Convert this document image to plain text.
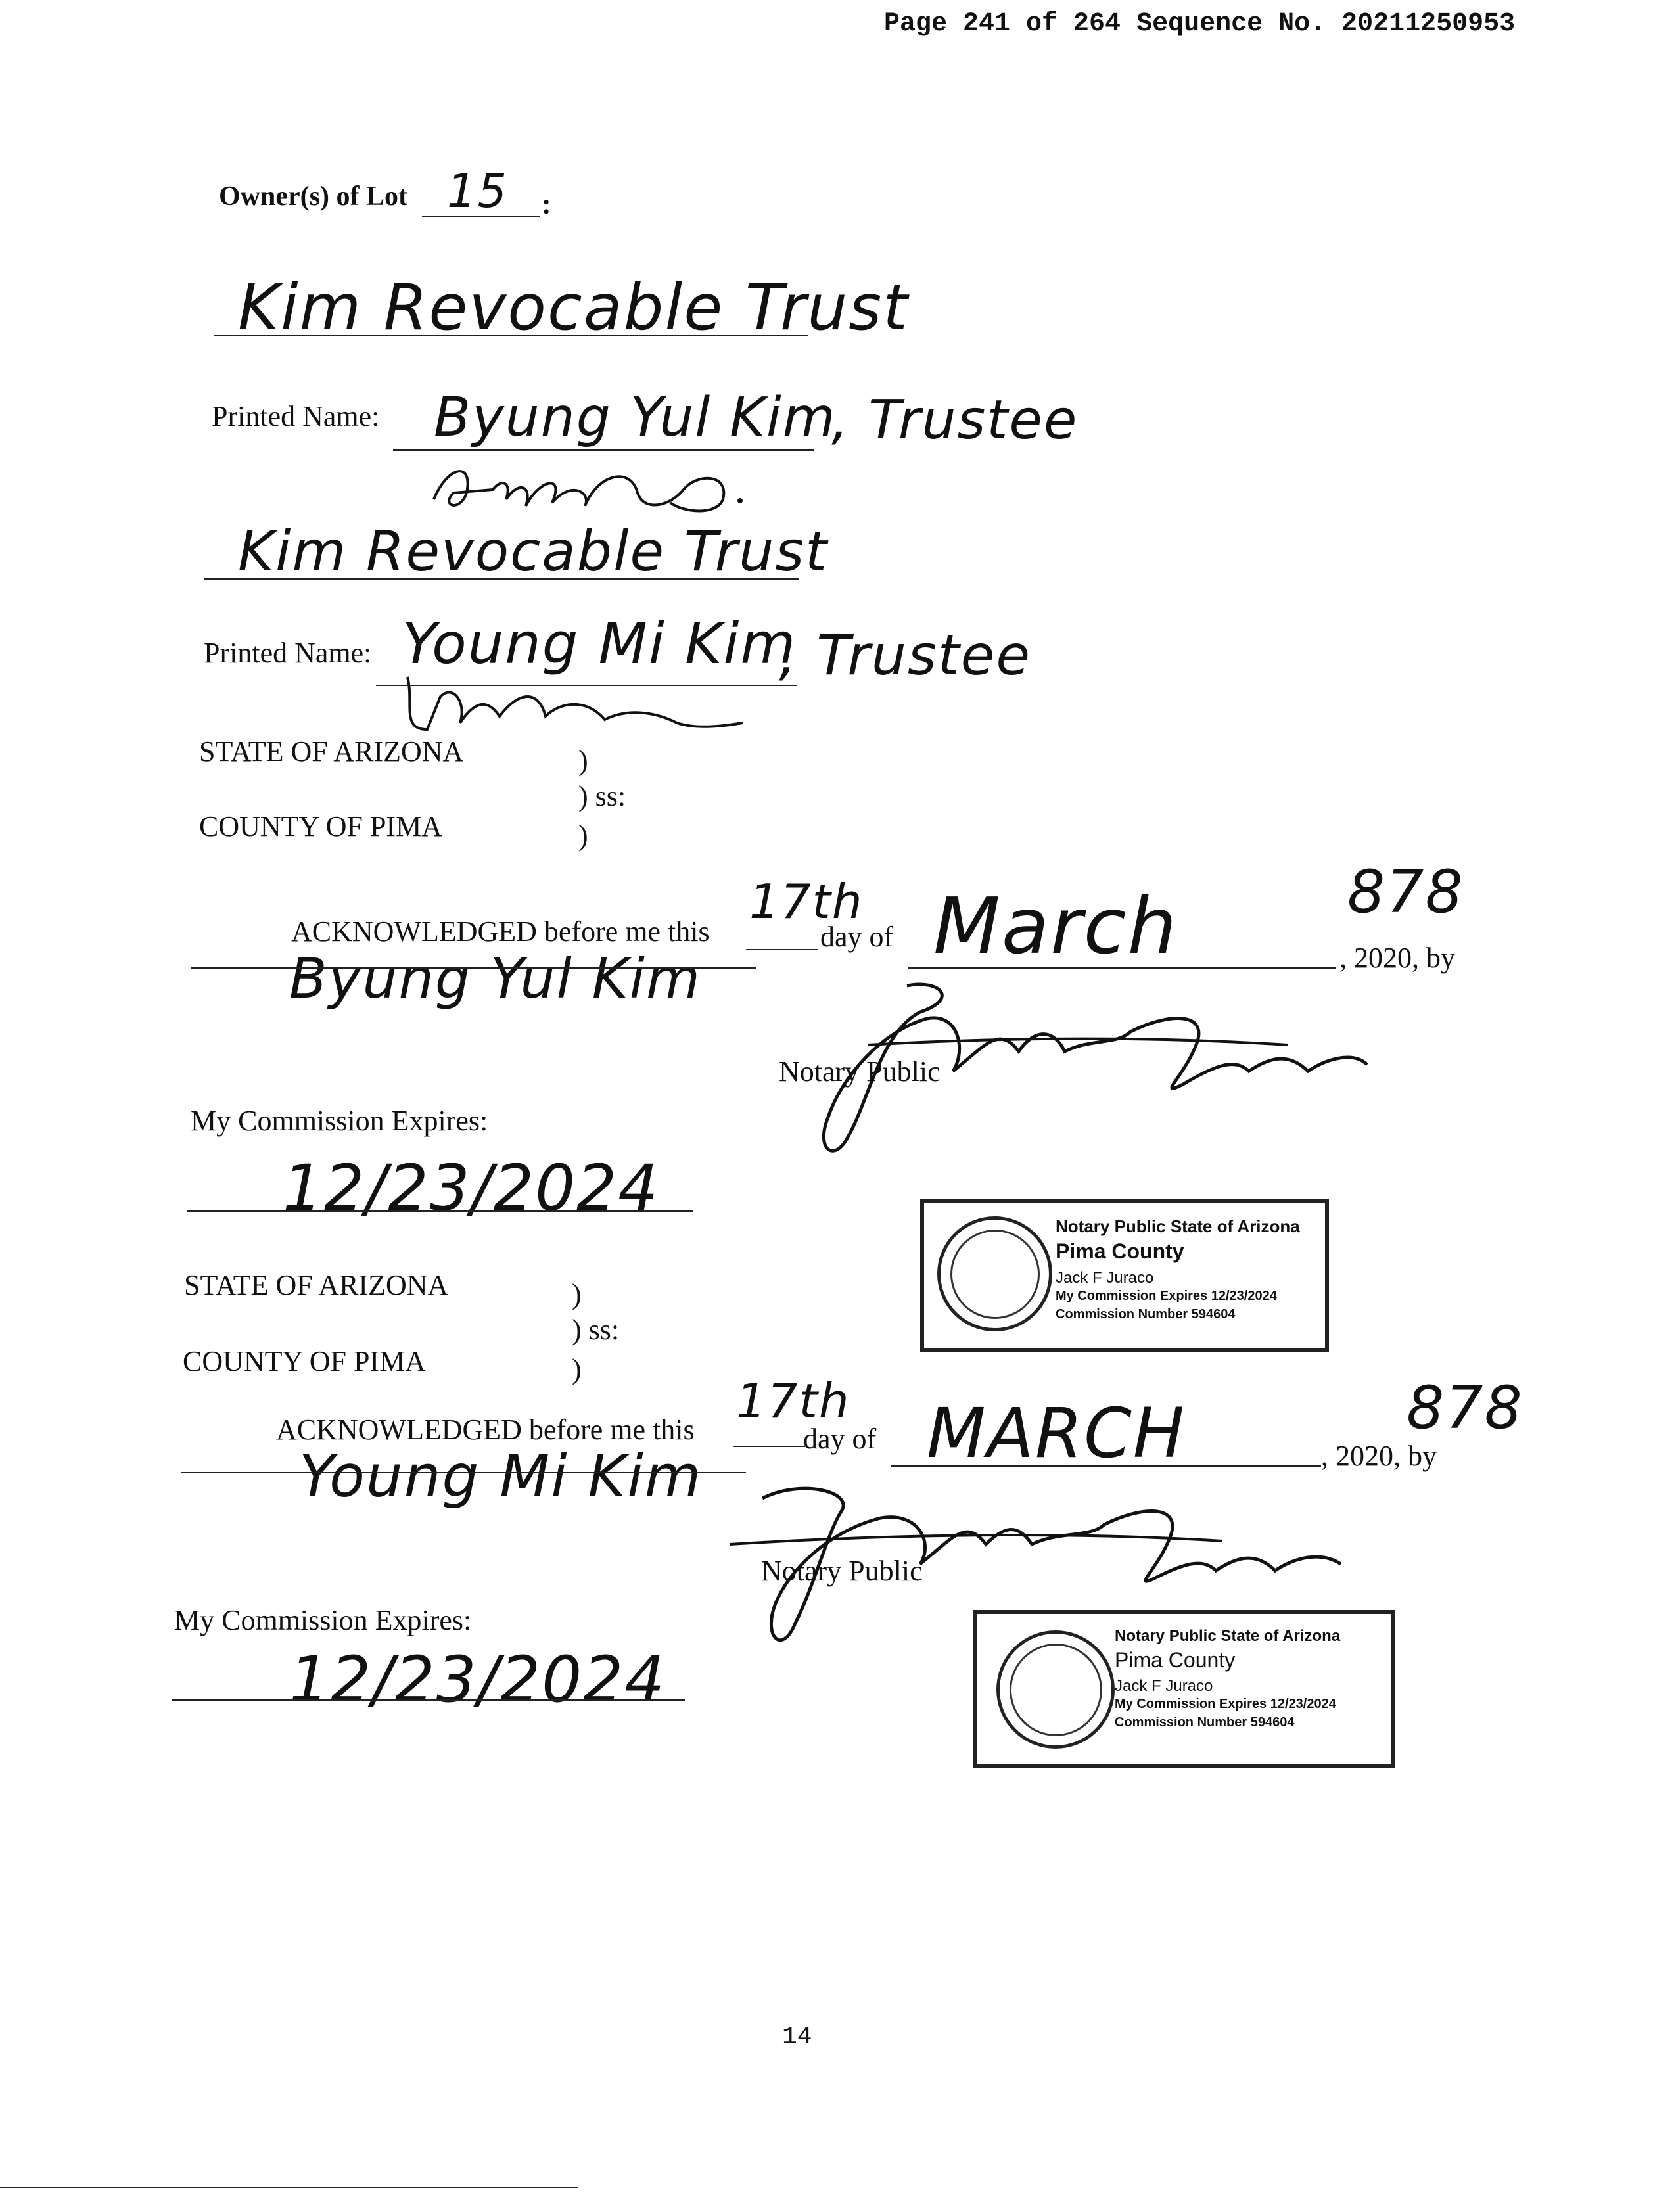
Page 241 of 264 Sequence No. 20211250953
Owner(s) of Lot 15 :
Kim Revocable Trust
Printed Name: Byung Yul Kim
, Trustee
Kim Revocable Trust
Printed Name: Young Mi Kim
, Trustee
STATE OF ARIZONA	)
) ss:
COUNTY OF PIMA	)
ACKNOWLEDGED before me this
17th
day of March	, 2020, by
878
Byung Yul Kim
Notary Public
My Commission Expires:
12/23/2024
Notary Public State of Arizona
Pima County
Jack F Juraco
My Commission Expires 12/23/2024
Commission Number 594604
STATE OF ARIZONA	)
) ss:
COUNTY OF PIMA	)
ACKNOWLEDGED before me this
17th
day of MARCH	, 2020, by
878
Young Mi Kim
Notary Public
My Commission Expires:
12/23/2024
Notary Public State of Arizona
Pima County
Jack F Juraco
My Commission Expires 12/23/2024
Commission Number 594604
14
